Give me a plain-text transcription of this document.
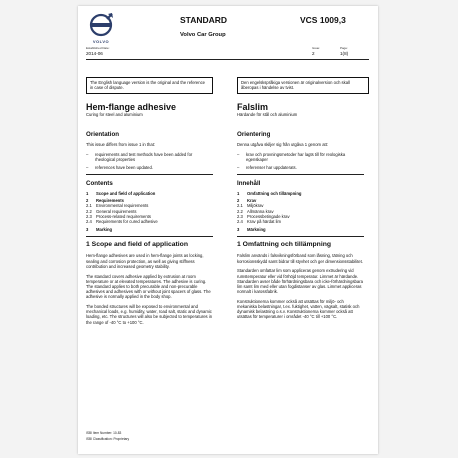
VOLVO
STANDARD	VCS 1009,3
Volvo Car Group
Established Date:
2014-06
Issue:
2
Page:
1(8)
The English language version is the original and the reference in case of dispute.
Den engelskspråkiga versionen är originalversion och skall åberopas i händelse av tvist.
Hem-flange adhesive
Curing for steel and aluminium
Orientation
This issue differs from issue 1 in that:
–	requirements and test methods have been added for rheological properties
–	references have been updated.
Contents
1	Scope and field of application
2	Requirements
2.1 Environmental requirements
2.2 General requirements
2.3 Process-related requirements
2.4 Requirements for cured adhesive
3	Marking
1 Scope and field of application
Hem-flange adhesives are used in hem-flange joints as locking, sealing and corrosion protection, as well as giving stiffness contribution and increased geometry stability.
The standard covers adhesive applied by extrusion at room temperature or at elevated temperatures. The adhesive is curing. The standard applies to both precurable and non-precurable adhesives and adhesives with or without joint spacers of glass. The adhesive is normally applied in the body shop.
The bonded structures will be exposed to environmental and mechanical loads, e.g. humidity, water, road salt, static and dynamic loading, etc. The structures will also be subjected to temperatures in the range of -40 °C to +100 °C.
Falslim
Härdande för stål och aluminium
Orientering
Denna utgåva skiljer sig från utgåva 1 genom att:
–	krav och provningsmetoder har lagts till för reologiska egenskaper
–	referenser har uppdaterats.
Innehåll
1	Omfattning och tillämpning
2	Krav
2.1 Miljökrav
2.2 Allmänna krav
2.3 Processbetingade krav
2.4 Krav på härdat lim
3	Märkning
1 Omfattning och tillämpning
Falslim används i falsvikningsförband som låsning, tätning och korrosionsskydd samt bidrar till styvhet och ger dimensionsstabilitet.
Standarden omfattar lim som appliceras genom extrudering vid rumstemperatur eller vid förhöjd temperatur. Limmet är härdande. Standarden avser både förhärdningsbara och icke-förhärdningsbara lim samt lim med eller utan fogdistanser av glas. Limmet appliceras normalt i karossfabrik.
Konstruktionerna kommer också att utsättas för miljö- och mekaniska belastningar, t.ex. fuktighet, vatten, vägsalt, statisk och dynamisk belastning o.s.v. Konstruktionerna kommer också att utsättas för temperaturer i området -40 °C till +100 °C.
ISBI Item Number: 10-83
ISBI Classification: Proprietary
